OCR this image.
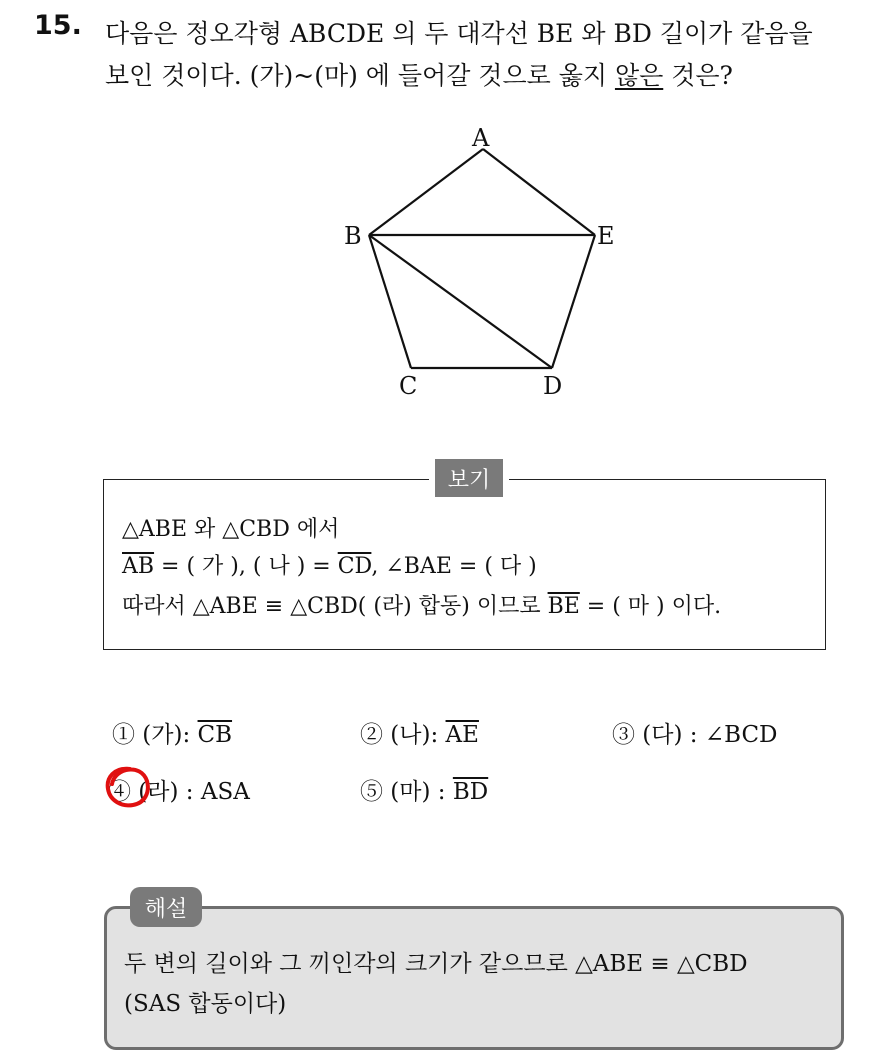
15. 다음은 정오각형 ABCDE 의 두 대각선 BE 와 BD 길이가 같음을
보인 것이다. (가)~(마) 에 들어갈 것으로 옳지 않은 것은?
A
B
C	D
E
보기
△ABE 와 △CBD 에서
$\overline{AB}$ = ( 가 ), ( 나 ) = $\overline{CD}$, ∠BAE = ( 다 )
따라서 △ABE ≡ △CBD( (라) 합동) 이므로 $\overline{BE}$ = ( 마 ) 이다.
① (가): $\overline{CB}$	② (나): $\overline{AE}$	③ (다) : ∠BCD
④ (라) : ASA	⑤ (마) : $\overline{BD}$
해설
두 변의 길이와 그 끼인각의 크기가 같으므로 △ABE ≡ △CBD
(SAS 합동이다)
